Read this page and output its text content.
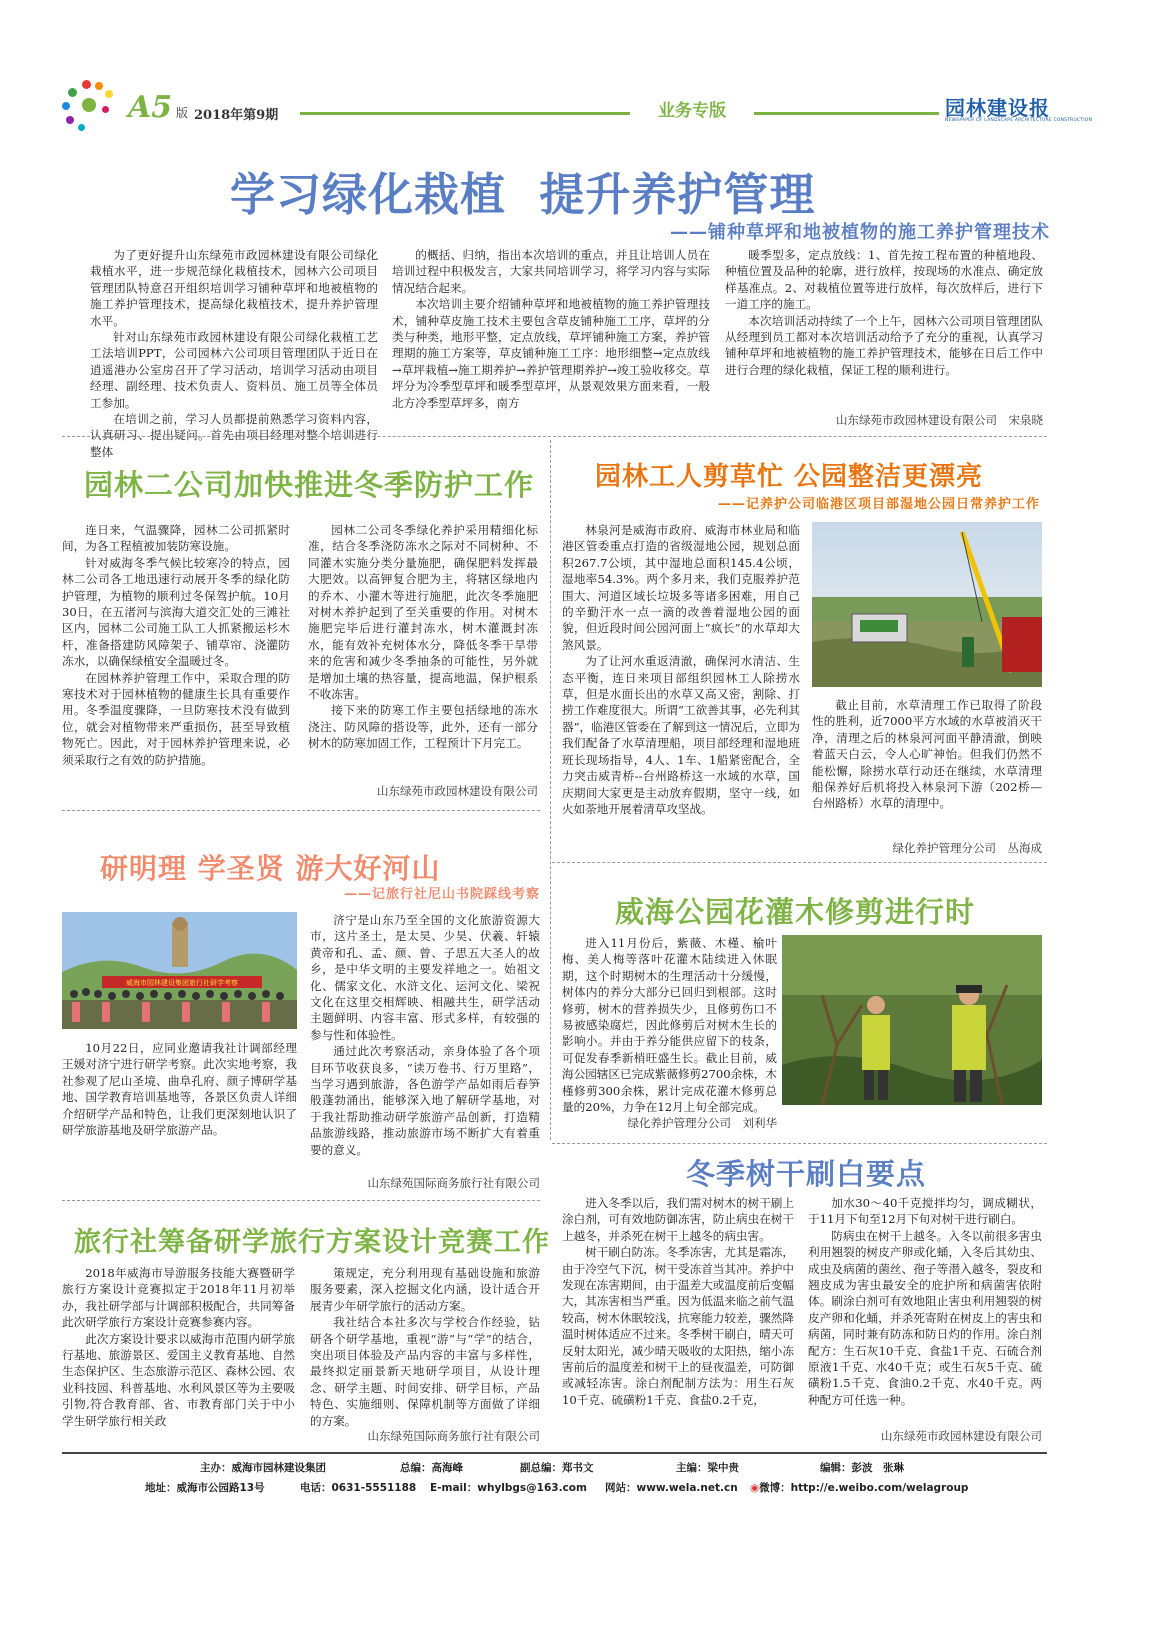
A5 版 2018年第9期	业务专版	园林建设报
NEWSPAPER OF LANDSCAPE ARCHITECTURE CONSTRUCTION
学习绿化栽植  提升养护管理
——铺种草坪和地被植物的施工养护管理技术

为了更好提升山东绿苑市政园林建设有限公司绿化栽植水平，进一步规范绿化栽植技术，园林六公司项目管理团队特意召开组织培训学习铺种草坪和地被植物的施工养护管理技术，提高绿化栽植技术，提升养护管理水平。

针对山东绿苑市政园林建设有限公司绿化栽植工艺工法培训PPT，公司园林六公司项目管理团队于近日在逍遥港办公室房召开了学习活动，培训学习活动由项目经理、副经理、技术负责人、资料员、施工员等全体员工参加。

在培训之前，学习人员都提前熟悉学习资料内容，认真研习、提出疑问。首先由项目经理对整个培训进行整体

的概括、归纳，指出本次培训的重点，并且让培训人员在培训过程中积极发言，大家共同培训学习，将学习内容与实际情况结合起来。

本次培训主要介绍铺种草坪和地被植物的施工养护管理技术，铺种草皮施工技术主要包含草皮铺种施工工序，草坪的分类与种类，地形平整，定点放线，草坪铺种施工方案，养护管理期的施工方案等，草皮铺种施工工序：地形细整→定点放线→草坪栽植→施工期养护→养护管理期养护→竣工验收移交。草坪分为冷季型草坪和暖季型草坪，从景观效果方面来看，一般北方冷季型草坪多，南方

暖季型多，定点放线：1、首先按工程布置的种植地段、种植位置及品种的轮廓，进行放样，按现场的水准点、确定放样基准点。2、对栽植位置等进行放样，每次放样后，进行下一道工序的施工。

本次培训活动持续了一个上午，园林六公司项目管理团队从经理到员工都对本次培训活动给予了充分的重视，认真学习铺种草坪和地被植物的施工养护管理技术，能够在日后工作中进行合理的绿化栽植，保证工程的顺利进行。

山东绿苑市政园林建设有限公司　宋泉晓
园林二公司加快推进冬季防护工作

连日来，气温骤降，园林二公司抓紧时间，为各工程植被加装防寒设施。

针对威海冬季气候比较寒冷的特点，园林二公司各工地迅速行动展开冬季的绿化防护管理，为植物的顺利过冬保驾护航。10月30日，在五渚河与滨海大道交汇处的三滩社区内，园林二公司施工队工人抓紧搬运杉木杆，准备搭建防风障架子、铺草帘、浇灌防冻水，以确保绿植安全温暖过冬。

在园林养护管理工作中，采取合理的防寒技术对于园林植物的健康生长具有重要作用。冬季温度骤降，一旦防寒技术没有做到位，就会对植物带来严重损伤，甚至导致植物死亡。因此，对于园林养护管理来说，必须采取行之有效的防护措施。

园林二公司冬季绿化养护采用精细化标准，结合冬季浇防冻水之际对不同树种、不同灌木实施分类分量施肥，确保肥料发挥最大肥效。以高钾复合肥为主，将辖区绿地内的乔木、小灌木等进行施肥，此次冬季施肥对树木养护起到了至关重要的作用。对树木施肥完毕后进行灌封冻水，树木灌溉封冻水，能有效补充树体水分，降低冬季干旱带来的危害和减少冬季抽条的可能性，另外就是增加土壤的热容量，提高地温，保护根系不收冻害。

接下来的防寒工作主要包括绿地的冻水浇注、防风障的搭设等，此外，还有一部分树木的防寒加固工作，工程预计下月完工。

山东绿苑市政园林建设有限公司
园林工人剪草忙 公园整洁更漂亮
——记养护公司临港区项目部湿地公园日常养护工作

林泉河是威海市政府、威海市林业局和临港区管委重点打造的省级湿地公园，规划总面积267.7公顷，其中湿地总面积145.4公顷，湿地率54.3%。两个多月来，我们克服养护范围大、河道区域长垃圾多等诸多困难，用自己的辛勤汗水一点一滴的改善着湿地公园的面貌，但近段时间公园河面上“疯长”的水草却大煞风景。

为了让河水重返清澈，确保河水清洁、生态平衡，连日来项目部组织园林工人除捞水草，但是水面长出的水草又高又密，割除、打捞工作难度很大。所谓“工欲善其事，必先利其器”，临港区管委在了解到这一情况后，立即为我们配备了水草清理船，项目部经理和湿地班班长现场指导，4人、1车、1船紧密配合，全力突击威青桥--台州路桥这一水域的水草，国庆期间大家更是主动放弃假期，坚守一线，如火如荼地开展着清草攻坚战。

截止目前，水草清理工作已取得了阶段性的胜利，近7000平方水域的水草被消灭干净，清理之后的林泉河河面平静清澈，倒映着蓝天白云，令人心旷神怡。但我们仍然不能松懈，除捞水草行动还在继续，水草清理船保养好后机将投入林泉河下游（202桥—台州路桥）水草的清理中。

绿化养护管理分公司　丛海成
研明理 学圣贤 游大好河山
——记旅行社尼山书院踩线考察
威海市园林建设集团旅行社研学考察

10月22日，应同业邀请我社计调部经理王媛对济宁进行研学考察。此次实地考察，我社参观了尼山圣境、曲阜孔府、颜子博研学基地、国学教育培训基地等，各景区负责人详细介绍研学产品和特色，让我们更深刻地认识了研学旅游基地及研学旅游产品。

济宁是山东乃至全国的文化旅游资源大市，这片圣土，是太昊、少昊、伏羲、轩辕黄帝和孔、孟、颜、曾、子思五大圣人的故乡，是中华文明的主要发祥地之一。始祖文化、儒家文化、水浒文化、运河文化、梁祝文化在这里交相辉映、相融共生，研学活动主题鲜明、内容丰富、形式多样，有较强的参与性和体验性。

通过此次考察活动，亲身体验了各个项目环节收获良多，“读万卷书、行万里路”，当学习遇到旅游，各色游学产品如雨后春笋般蓬勃涌出，能够深入地了解研学基地，对于我社帮助推动研学旅游产品创新，打造精品旅游线路，推动旅游市场不断扩大有着重要的意义。

山东绿苑国际商务旅行社有限公司
威海公园花灌木修剪进行时

进入11月份后，紫薇、木槿、榆叶梅、美人梅等落叶花灌木陆续进入休眠期，这个时期树木的生理活动十分缓慢，树体内的养分大部分已回归到根部。这时修剪，树木的营养损失少，且修剪伤口不易被感染腐烂，因此修剪后对树木生长的影响小。并由于养分能供应留下的枝条，可促发春季新梢旺盛生长。截止目前，威海公园辖区已完成紫薇修剪2700余株，木槿修剪300余株，累计完成花灌木修剪总量的20%，力争在12月上旬全部完成。

绿化养护管理分公司　刘利华
旅行社筹备研学旅行方案设计竞赛工作

2018年威海市导游服务技能大赛暨研学旅行方案设计竞赛拟定于2018年11月初举办，我社研学部与计调部积极配合，共同筹备此次研学旅行方案设计竞赛参赛内容。

此次方案设计要求以威海市范围内研学旅行基地、旅游景区、爱国主义教育基地、自然生态保护区、生态旅游示范区、森林公园、农业科技园、科普基地、水利风景区等为主要吸引物,符合教育部、省、市教育部门关于中小学生研学旅行相关政

策规定，充分利用现有基础设施和旅游服务要素，深入挖掘文化内涵，设计适合开展青少年研学旅行的活动方案。

我社结合本社多次与学校合作经验，钻研各个研学基地，重视“游”与“学”的结合，突出项目体验及产品内容的丰富与多样性，最终拟定丽景新天地研学项目，从设计理念、研学主题、时间安排、研学目标，产品特色、实施细则、保障机制等方面做了详细的方案。

山东绿苑国际商务旅行社有限公司
冬季树干刷白要点

进入冬季以后，我们需对树木的树干刷上涂白剂，可有效地防御冻害，防止病虫在树干上越冬，并杀死在树干上越冬的病虫害。

树干刷白防冻。冬季冻害，尤其是霜冻，由于冷空气下沉，树干受冻首当其冲。养护中发现在冻害期间，由于温差大或温度前后变幅大，其冻害相当严重。因为低温来临之前气温较高，树木休眠较浅，抗寒能力较差，骤然降温时树体适应不过来。冬季树干刷白，晴天可反射太阳光，减少晴天吸收的太阳热，缩小冻害前后的温度差和树干上的昼夜温差，可防御或减轻冻害。涂白剂配制方法为：用生石灰10千克、硫磺粉1千克、食盐0.2千克，

加水30～40千克搅拌均匀，调成糊状，于11月下旬至12月下旬对树干进行刷白。

防病虫在树干上越冬。入冬以前很多害虫利用翘裂的树皮产卵或化蛹，入冬后其幼虫、成虫及病菌的菌丝、孢子等潜入越冬，裂皮和翘皮成为害虫最安全的庇护所和病菌害依附体。刷涂白剂可有效地阻止害虫利用翘裂的树皮产卵和化蛹，并杀死寄附在树皮上的害虫和病菌，同时兼有防冻和防日灼的作用。涂白剂配方：生石灰10千克、食盐1千克、石硫合剂原液1千克、水40千克；或生石灰5千克、硫磺粉1.5千克、食油0.2千克、水40千克。两种配方可任选一种。

山东绿苑市政园林建设有限公司
主办：威海市园林建设集团	总编：高海峰	副总编：郑书文	主编：梁中贵	编辑：彭波　张琳
地址：威海市公园路13号	电话：0631-5551188 E-mail：whylbgs@163.com 网站：www.wela.net.cn ◉微博：http://e.weibo.com/welagroup
